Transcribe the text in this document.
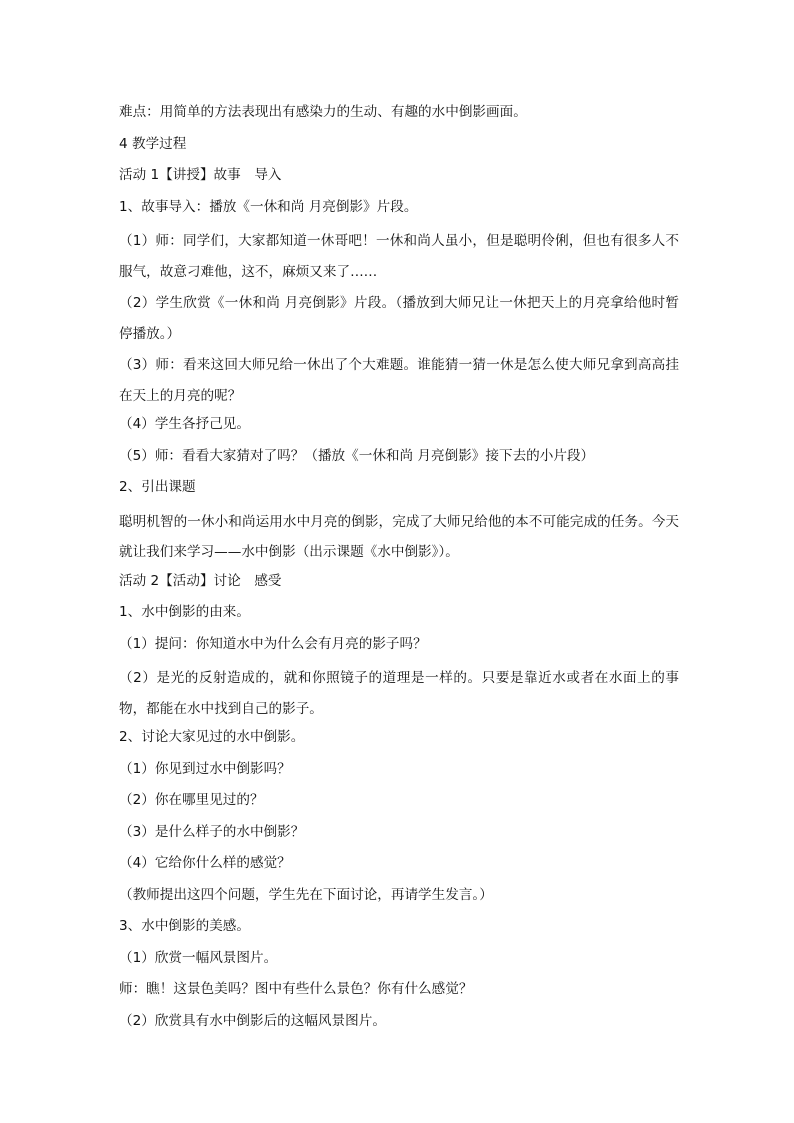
难点：用简单的方法表现出有感染力的生动、有趣的水中倒影画面。

4 教学过程

活动 1【讲授】故事　导入

1、故事导入：播放《一休和尚 月亮倒影》片段。

（1）师：同学们，大家都知道一休哥吧！一休和尚人虽小，但是聪明伶俐，但也有很多人不服气，故意刁难他，这不，麻烦又来了……

（2）学生欣赏《一休和尚 月亮倒影》片段。（播放到大师兄让一休把天上的月亮拿给他时暂停播放。）

（3）师：看来这回大师兄给一休出了个大难题。谁能猜一猜一休是怎么使大师兄拿到高高挂在天上的月亮的呢？

（4）学生各抒己见。

（5）师：看看大家猜对了吗？（播放《一休和尚 月亮倒影》接下去的小片段）

2、引出课题

聪明机智的一休小和尚运用水中月亮的倒影，完成了大师兄给他的本不可能完成的任务。今天就让我们来学习——水中倒影（出示课题《水中倒影》）。

活动 2【活动】讨论　感受

1、水中倒影的由来。

（1）提问：你知道水中为什么会有月亮的影子吗？

（2）是光的反射造成的，就和你照镜子的道理是一样的。只要是靠近水或者在水面上的事物，都能在水中找到自己的影子。

2、讨论大家见过的水中倒影。

（1）你见到过水中倒影吗？

（2）你在哪里见过的？

（3）是什么样子的水中倒影？

（4）它给你什么样的感觉？

（教师提出这四个问题，学生先在下面讨论，再请学生发言。）

3、水中倒影的美感。

（1）欣赏一幅风景图片。

师：瞧！这景色美吗？图中有些什么景色？你有什么感觉？

（2）欣赏具有水中倒影后的这幅风景图片。
